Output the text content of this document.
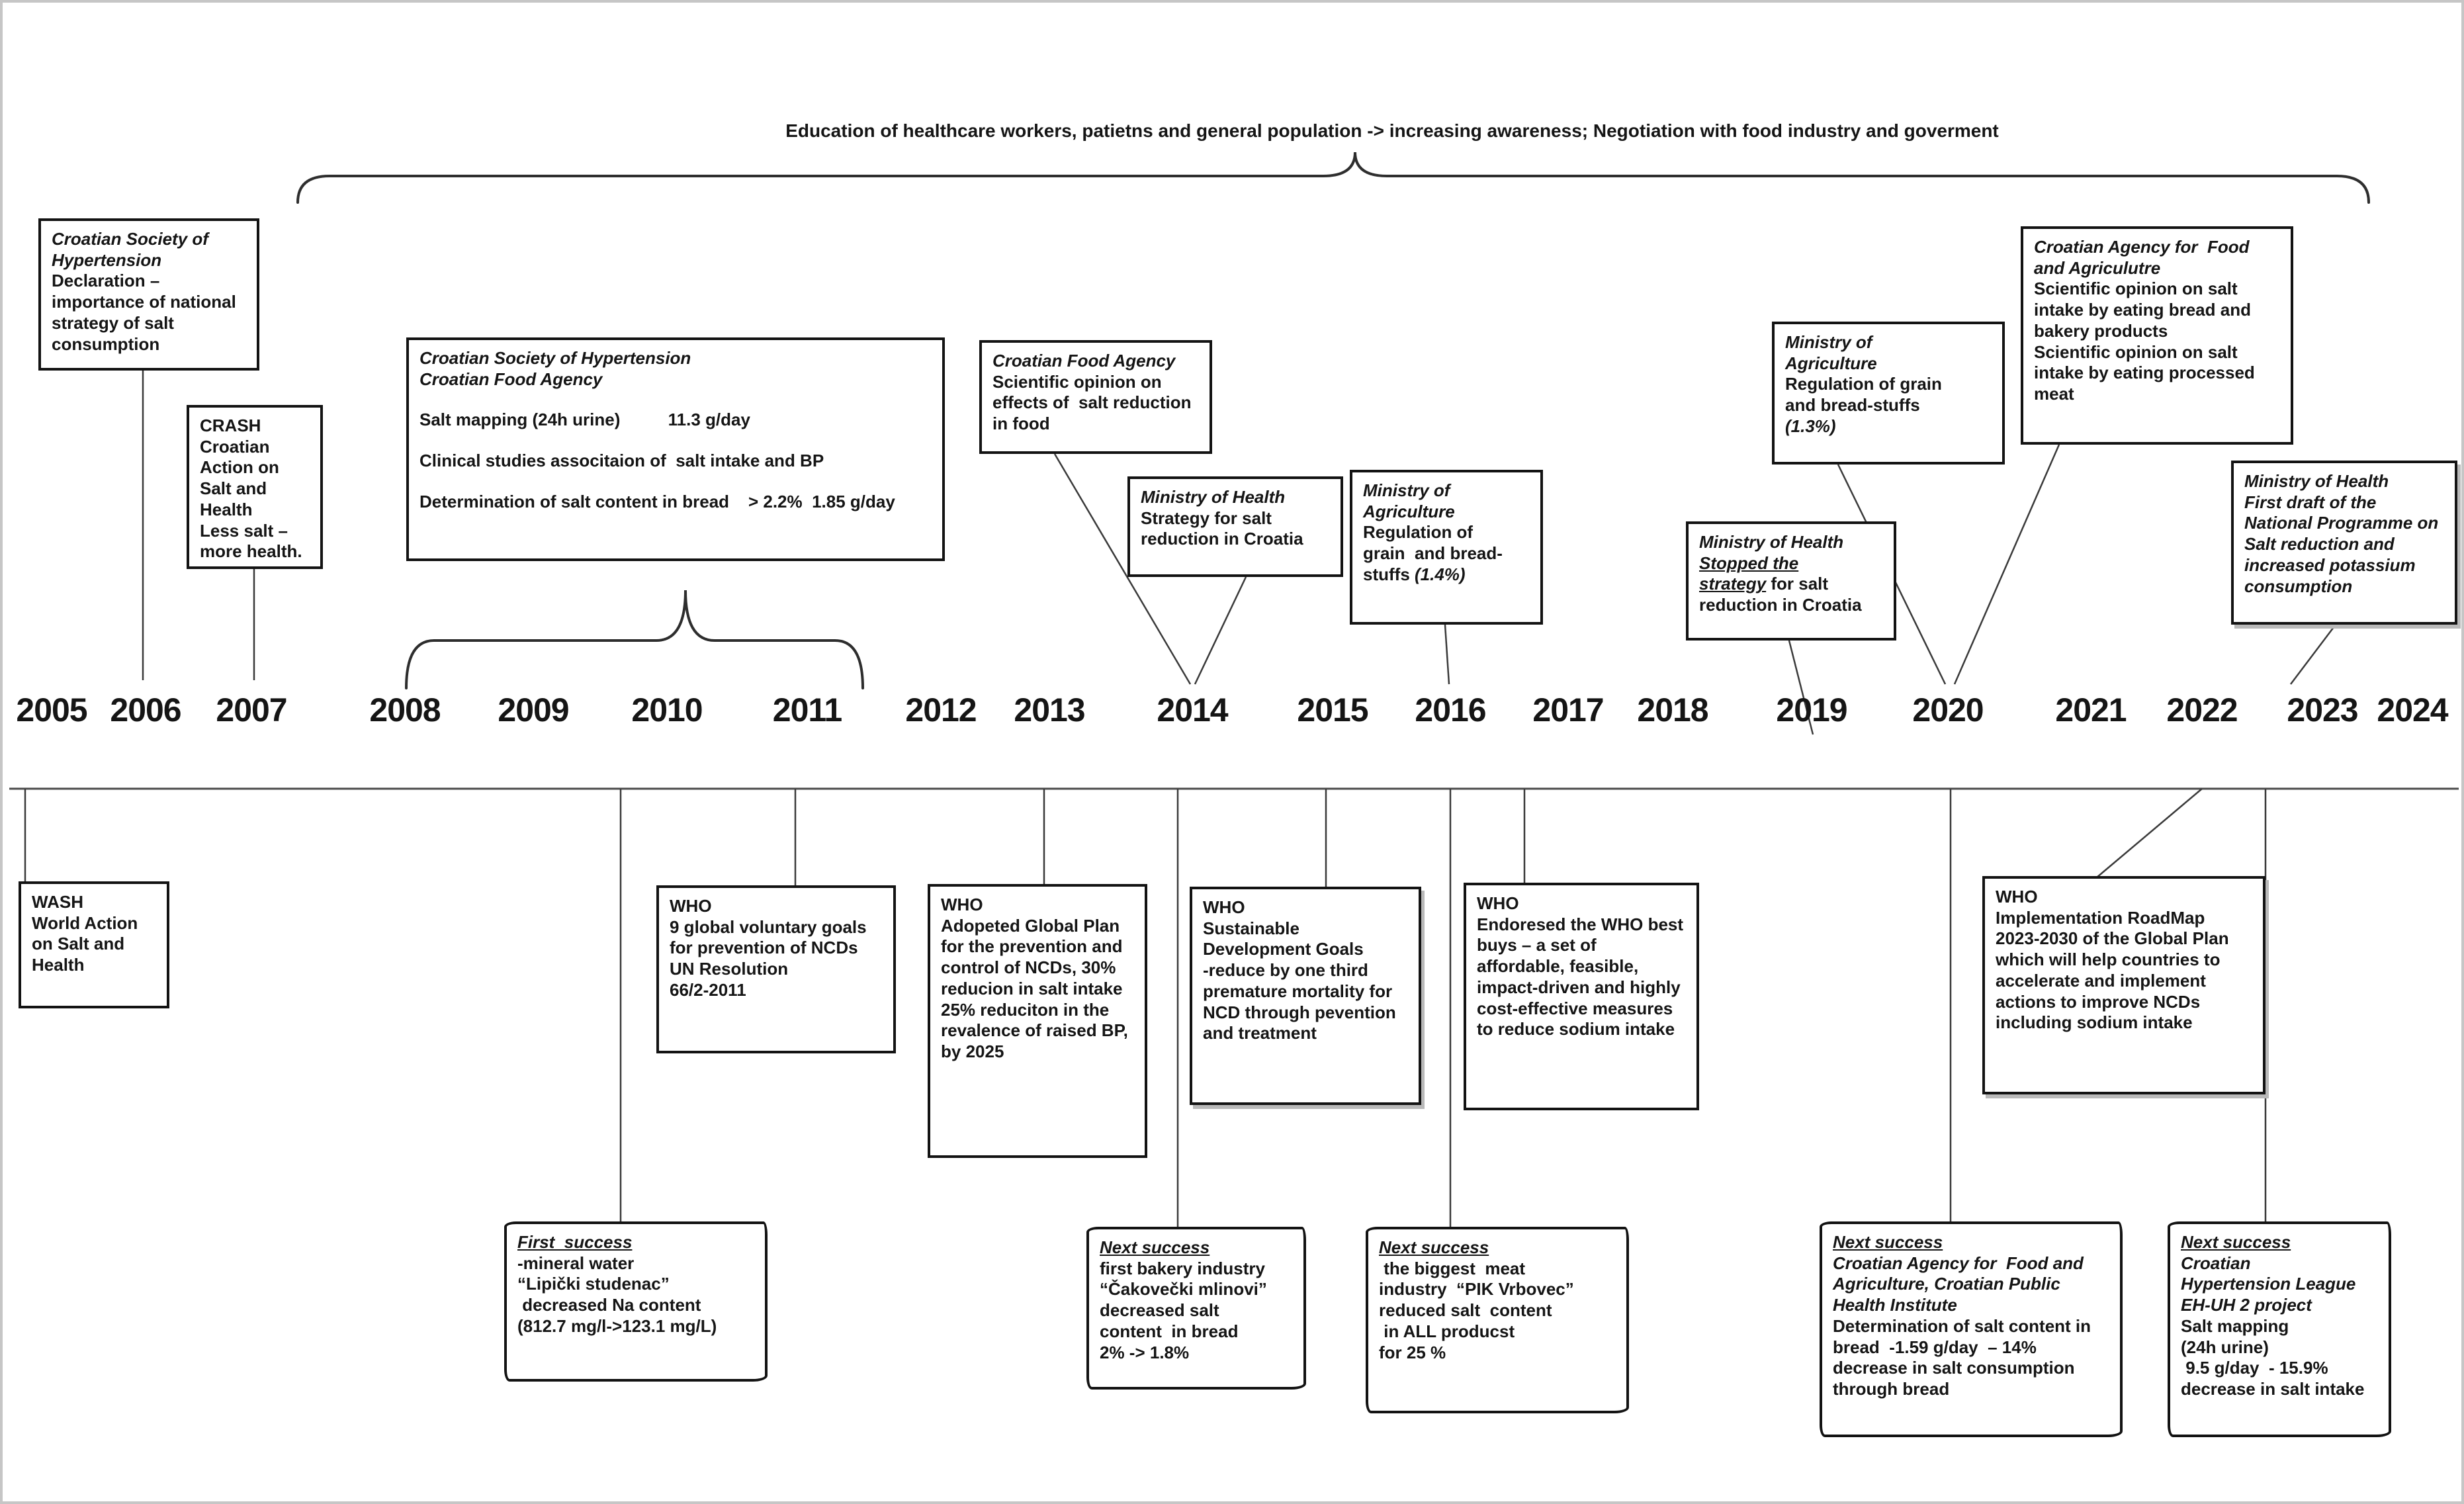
Education of healthcare workers, patietns and general population -> increasing awareness; Negotiation with food industry and goverment
2005 2006 2007 2008 2009 2010 2011 2012 2013 2014 2015 2016 2017 2018 2019 2020 2021 2022 2023 2024

Croatian Society of Hypertension

Declaration –

importance of national strategy of salt consumption

CRASH

Croatian Action on Salt and Health

Less salt – more health.

Croatian Society of Hypertension

Croatian Food Agency

Salt mapping (24h urine)          11.3 g/day

Clinical studies associtaion of  salt intake and BP

Determination of salt content in bread    > 2.2%  1.85 g/day

Croatian Food Agency

Scientific opinion on effects of  salt reduction in food

Ministry of Health

Strategy for salt reduction in Croatia

Ministry of

Agriculture

Regulation of

grain  and bread-

stuffs (1.4%)

Ministry of Health

Stopped the

strategy for salt

reduction in Croatia

Ministry of

Agriculture

Regulation of grain

and bread-stuffs

(1.3%)

Croatian Agency for  Food and Agriculutre

Scientific opinion on salt intake by eating bread and bakery products

Scientific opinion on salt intake by eating processed meat

Ministry of Health

First draft of the National Programme on Salt reduction and increased potassium consumption

WASH

World Action on Salt and Health

WHO

9 global voluntary goals for prevention of NCDs

UN Resolution

66/2-2011

WHO

Adopeted Global Plan for the prevention and control of NCDs, 30% reducion in salt intake

25% reduciton in the revalence of raised BP, by 2025

WHO

Sustainable Development Goals

-reduce by one third premature mortality for NCD through pevention and treatment

WHO

Endoresed the WHO best buys – a set of affordable, feasible, impact-driven and highly cost-effective measures to reduce sodium intake

WHO

Implementation RoadMap 2023-2030 of the Global Plan which will help countries to accelerate and implement actions to improve NCDs including sodium intake

First  success

-mineral water

“Lipički studenac”

decreased Na content

(812.7 mg/l->123.1 mg/L)

Next success

first bakery industry

“Čakovečki mlinovi”

decreased salt

content  in bread

2% -> 1.8%

Next success

the biggest  meat

industry  “PIK Vrbovec”

reduced salt  content

in ALL producst

for 25 %

Next success

Croatian Agency for  Food and Agriculture, Croatian Public Health Institute

Determination of salt content in  bread  -1.59 g/day  – 14% decrease in salt consumption through bread

Next success

Croatian

Hypertension League

EH-UH 2 project

Salt mapping

(24h urine)

9.5 g/day  - 15.9%

decrease in salt intake
